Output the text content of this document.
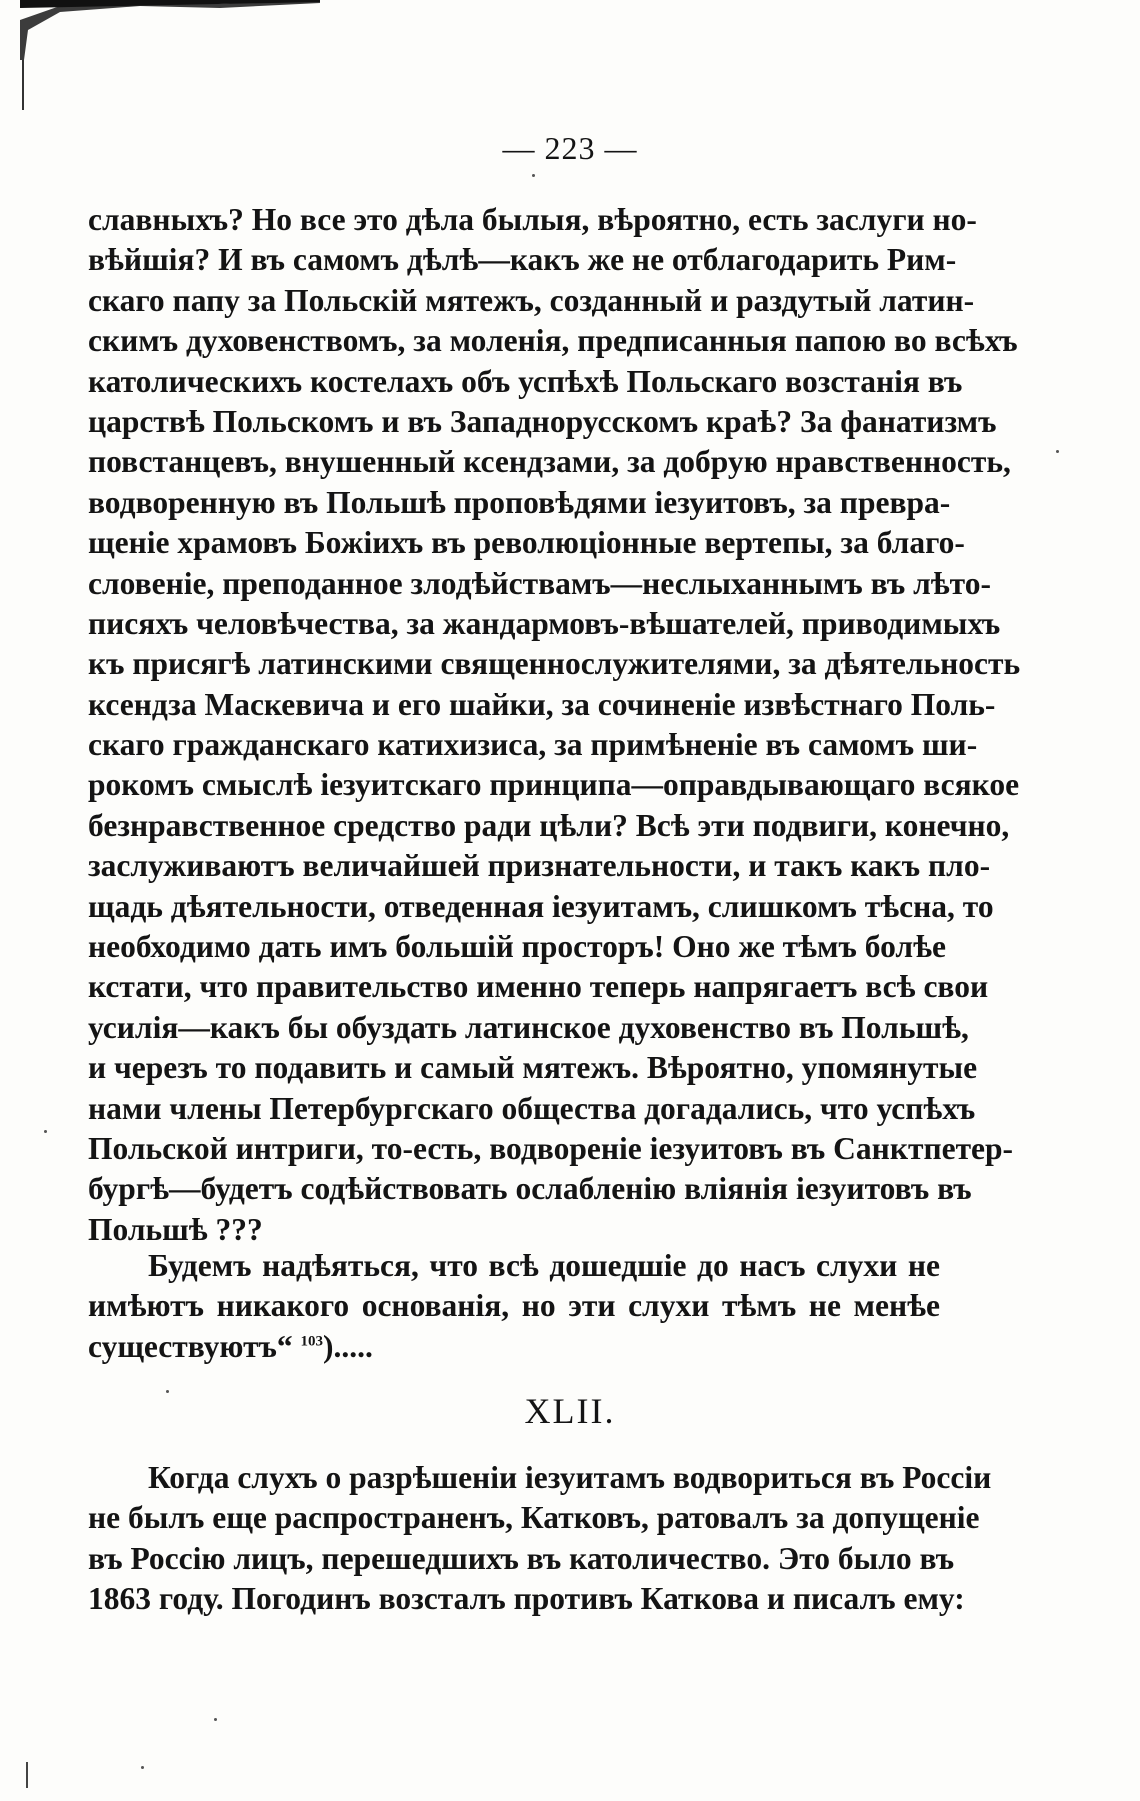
— 223 —
славныхъ? Но все это дѣла былыя, вѣроятно, есть заслуги но-
вѣйшія? И въ самомъ дѣлѣ—какъ же не отблагодарить Рим-
скаго папу за Польскій мятежъ, созданный и раздутый латин-
скимъ духовенствомъ, за моленія, предписанныя папою во всѣхъ
католическихъ костелахъ объ успѣхѣ Польскаго возстанія въ
царствѣ Польскомъ и въ Западнорусскомъ краѣ? За фанатизмъ
повстанцевъ, внушенный ксендзами, за добрую нравственность,
водворенную въ Польшѣ проповѣдями іезуитовъ, за превра-
щеніе храмовъ Божіихъ въ революціонные вертепы, за благо-
словеніе, преподанное злодѣйствамъ—неслыханнымъ въ лѣто-
писяхъ человѣчества, за жандармовъ-вѣшателей, приводимыхъ
къ присягѣ латинскими священнослужителями, за дѣятельность
ксендза Маскевича и его шайки, за сочиненіе извѣстнаго Поль-
скаго гражданскаго катихизиса, за примѣненіе въ самомъ ши-
рокомъ смыслѣ іезуитскаго принципа—оправдывающаго всякое
безнравственное средство ради цѣли? Всѣ эти подвиги, конечно,
заслуживаютъ величайшей признательности, и такъ какъ пло-
щадь дѣятельности, отведенная іезуитамъ, слишкомъ тѣсна, то
необходимо дать имъ большій просторъ! Оно же тѣмъ болѣе
кстати, что правительство именно теперь напрягаетъ всѣ свои
усилія—какъ бы обуздать латинское духовенство въ Польшѣ,
и черезъ то подавить и самый мятежъ. Вѣроятно, упомянутые
нами члены Петербургскаго общества догадались, что успѣхъ
Польской интриги, то-есть, водвореніе іезуитовъ въ Санктпетер-
бургѣ—будетъ содѣйствовать ослабленію вліянія іезуитовъ въ
Польшѣ ???
Будемъ надѣяться, что всѣ дошедшіе до насъ слухи не
имѣютъ никакого основанія, но эти слухи тѣмъ не менѣе
существуютъ“ $^{103}$).....
XLII.
Когда слухъ о разрѣшеніи іезуитамъ водвориться въ Россіи
не былъ еще распространенъ, Катковъ, ратовалъ за допущеніе
въ Россію лицъ, перешедшихъ въ католичество. Это было въ
1863 году. Погодинъ возсталъ противъ Каткова и писалъ ему:
